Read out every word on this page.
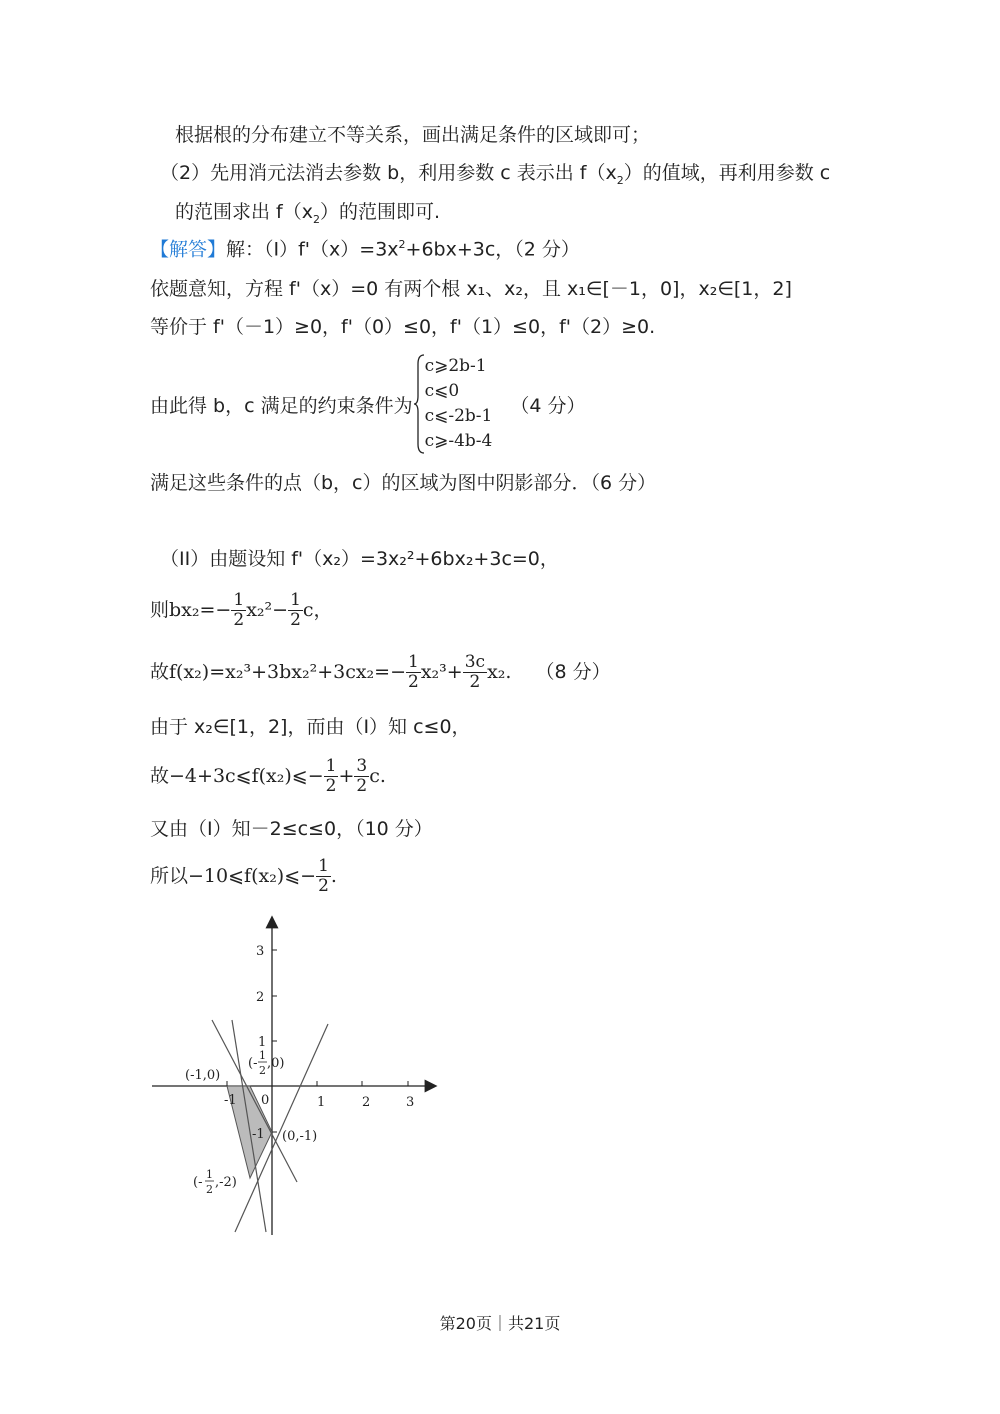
根据根的分布建立不等关系，画出满足条件的区域即可；
（2）先用消元法消去参数 b，利用参数 c 表示出 $f(x_2)$的值域，再利用参数 c
的范围求出 $f(x_2)$的范围即可.
【解答】解：$(I)f'(x)=3x^2+6bx+3c$，（2 分）
依题意知，方程 f'（x）=0 有两个根 x₁、x₂，且 x₁∈[－1，0]，x₂∈[1，2]
等价于 f'（－1）≥0，f'（0）≤0，f'（1）≤0，f'（2）≥0.
由此得 b，c 满足的约束条件为
c⩾2b-1
c⩽0
c⩽-2b-1
c⩾-4b-4
（4 分）
满足这些条件的点（b，c）的区域为图中阴影部分．（6 分）
（II）由题设知 f'（x₂）=3x₂²+6bx₂+3c=0，
则$bx_2=- \frac{1}{2} x_2^2- \frac{1}{2}$ c，
故$f(x_2)=x_2^3+3bx_2^2+3cx_2=- \frac{1}{2} x_2^3+ \frac{3c}{2} x_2$. （8 分）
由于 x₂∈[1，2]，而由（I）知 c≤0，
故−4+3c⩽f(x₂)⩽− $\frac{1}{2} + \frac{3}{2} c$.
又由（I）知－2≤c≤0，（10 分）
所以−10⩽f(x₂)⩽− $\frac{1}{2}$ .
-1 0	1	2	3
3
2
1
-1
(-1,0)
(-
1
2 ,0)
(0,-1)
(-
1
2 ,-2)
第20页｜共21页
